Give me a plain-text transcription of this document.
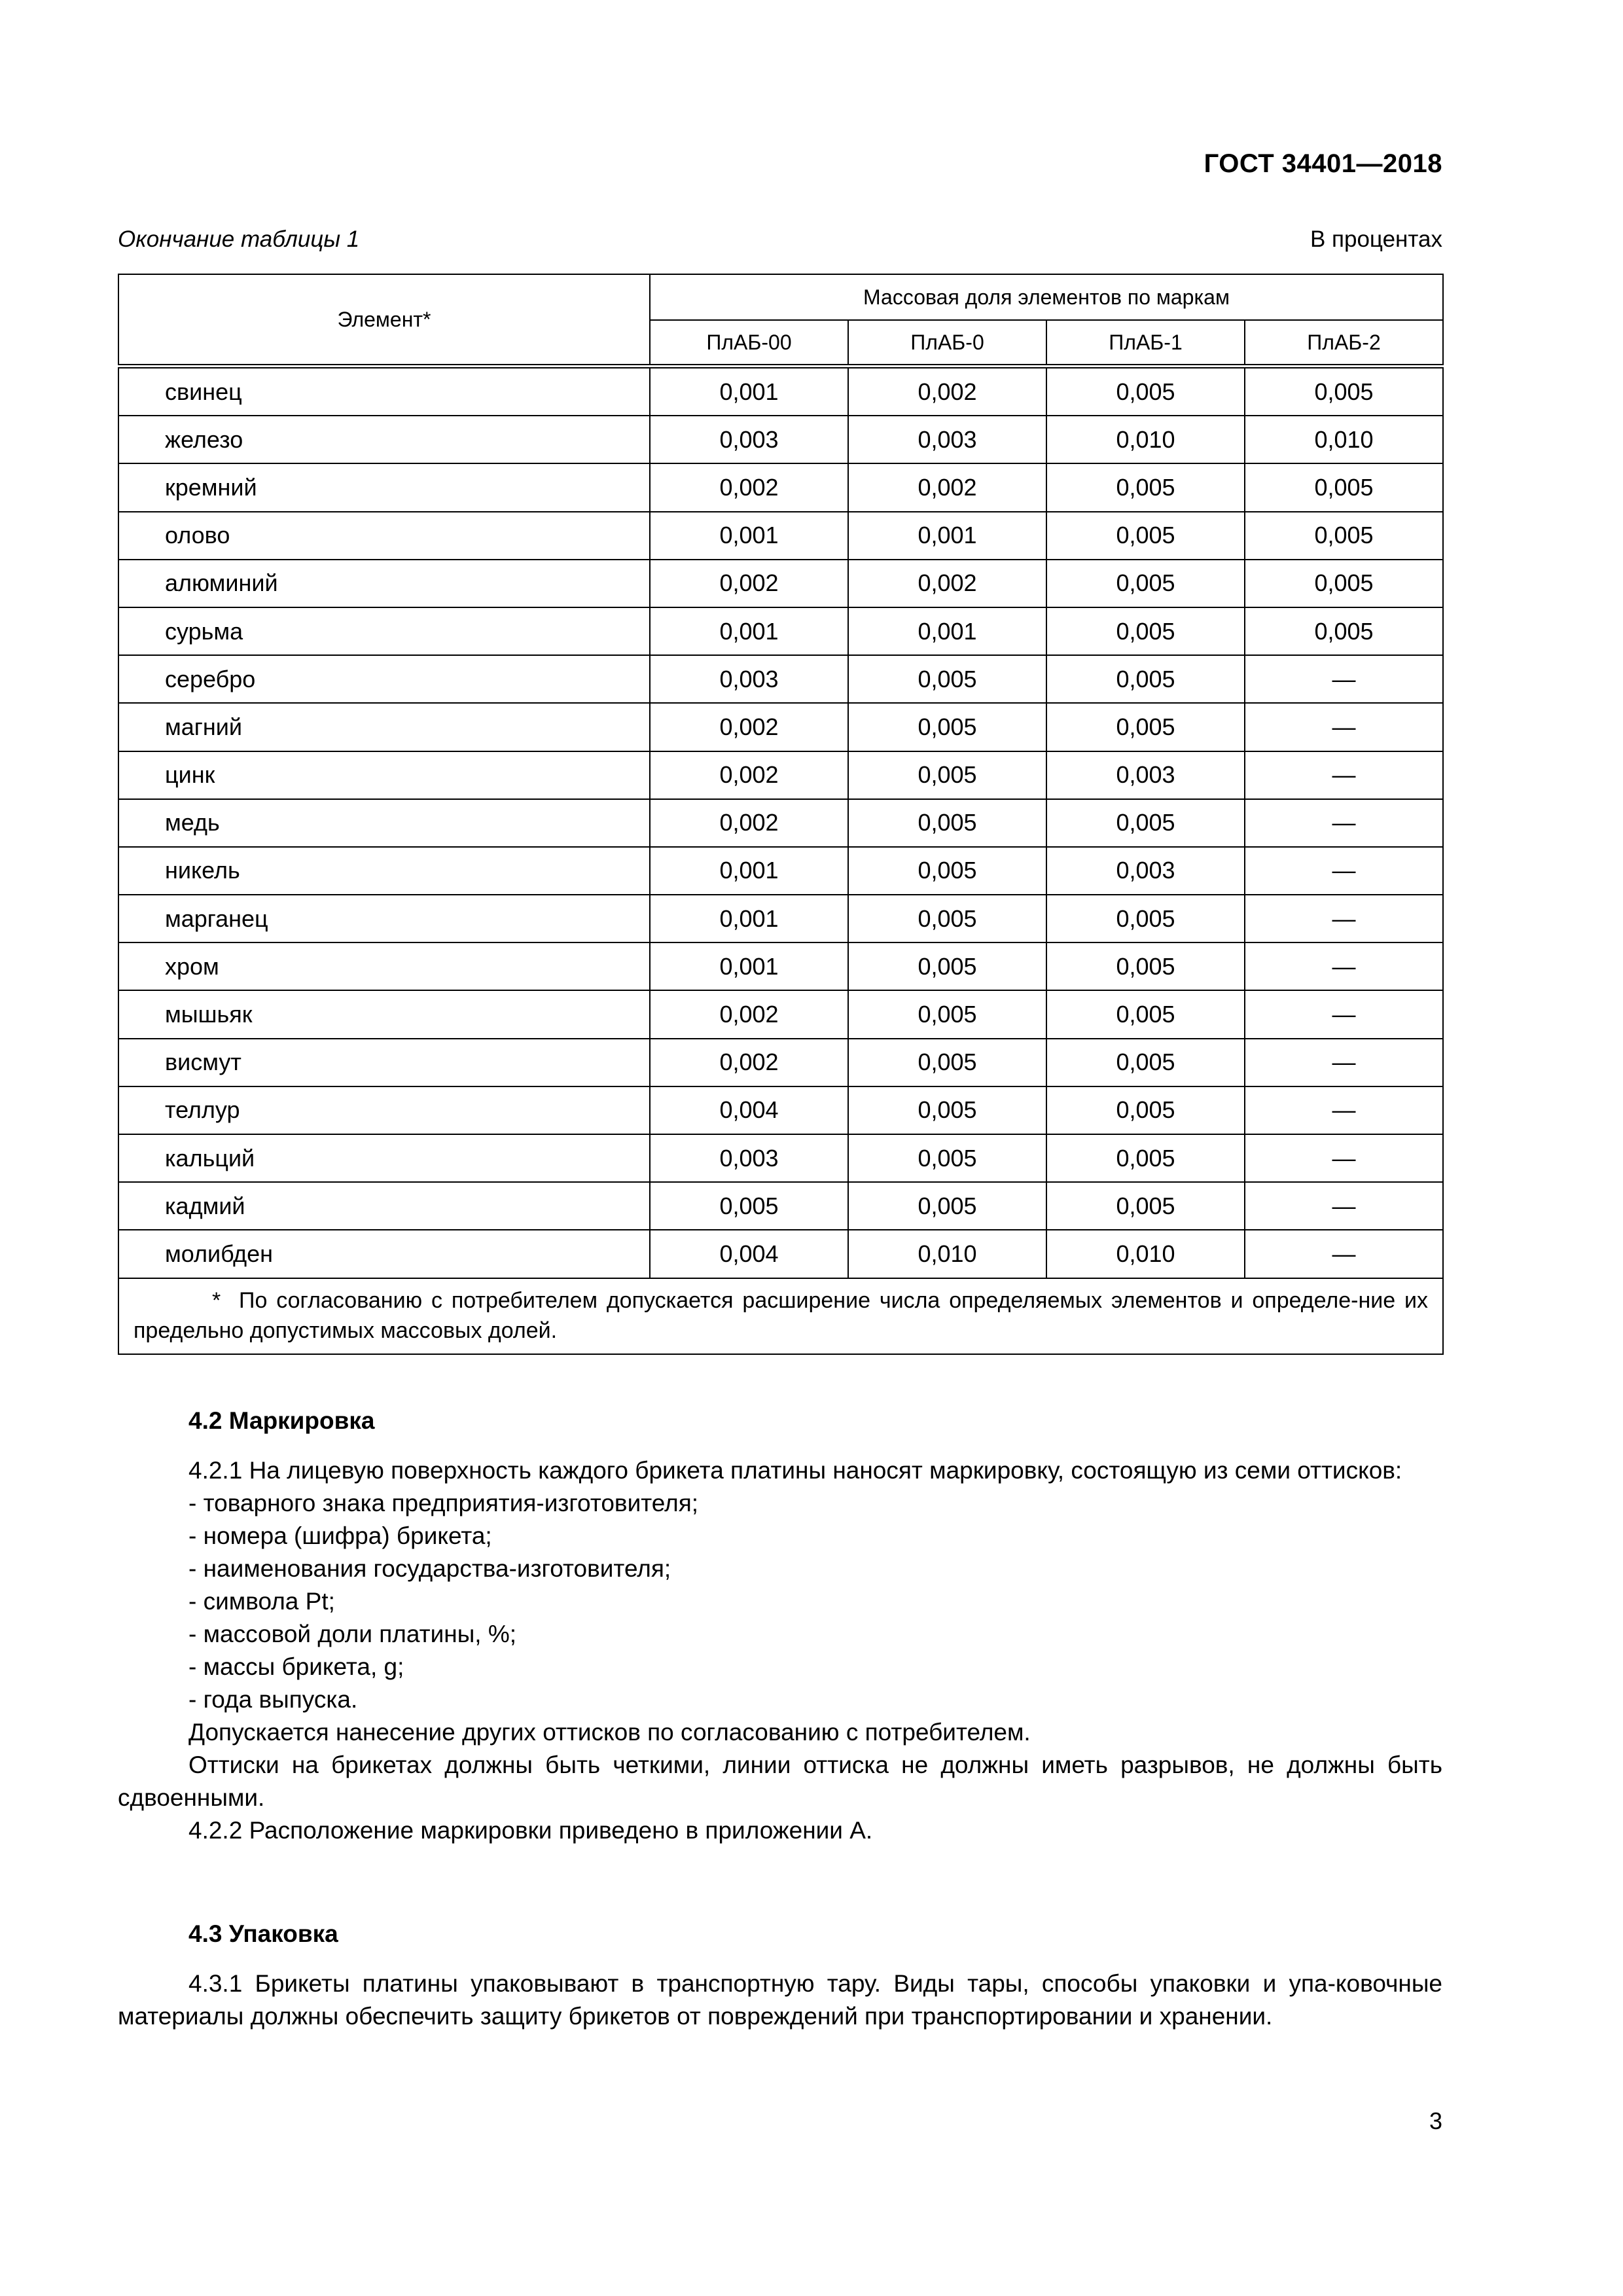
ГОСТ 34401—2018
Окончание таблицы 1	В процентах
Элемент*	Массовая доля элементов по маркам			
	ПлАБ-00	ПлАБ-0	ПлАБ-1	ПлАБ-2
свинец	0,001	0,002	0,005	0,005
железо	0,003	0,003	0,010	0,010
кремний	0,002	0,002	0,005	0,005
олово	0,001	0,001	0,005	0,005
алюминий	0,002	0,002	0,005	0,005
сурьма	0,001	0,001	0,005	0,005
серебро	0,003	0,005	0,005	—
магний	0,002	0,005	0,005	—
цинк	0,002	0,005	0,003	—
медь	0,002	0,005	0,005	—
никель	0,001	0,005	0,003	—
марганец	0,001	0,005	0,005	—
хром	0,001	0,005	0,005	—
мышьяк	0,002	0,005	0,005	—
висмут	0,002	0,005	0,005	—
теллур	0,004	0,005	0,005	—
кальций	0,003	0,005	0,005	—
кадмий	0,005	0,005	0,005	—
молибден	0,004	0,010	0,010	—
* По согласованию с потребителем допускается расширение числа определяемых элементов и определе-ние их предельно допустимых массовых долей.				
4.2 Маркировка
4.2.1 На лицевую поверхность каждого брикета платины наносят маркировку, состоящую из семи оттисков:
- товарного знака предприятия-изготовителя;
- номера (шифра) брикета;
- наименования государства-изготовителя;
- символа Pt;
- массовой доли платины, %;
- массы брикета, g;
- года выпуска.
Допускается нанесение других оттисков по согласованию с потребителем.
Оттиски на брикетах должны быть четкими, линии оттиска не должны иметь разрывов, не должны быть сдвоенными.
4.2.2 Расположение маркировки приведено в приложении А.
4.3 Упаковка
4.3.1 Брикеты платины упаковывают в транспортную тару. Виды тары, способы упаковки и упа-ковочные материалы должны обеспечить защиту брикетов от повреждений при транспортировании и хранении.
3
